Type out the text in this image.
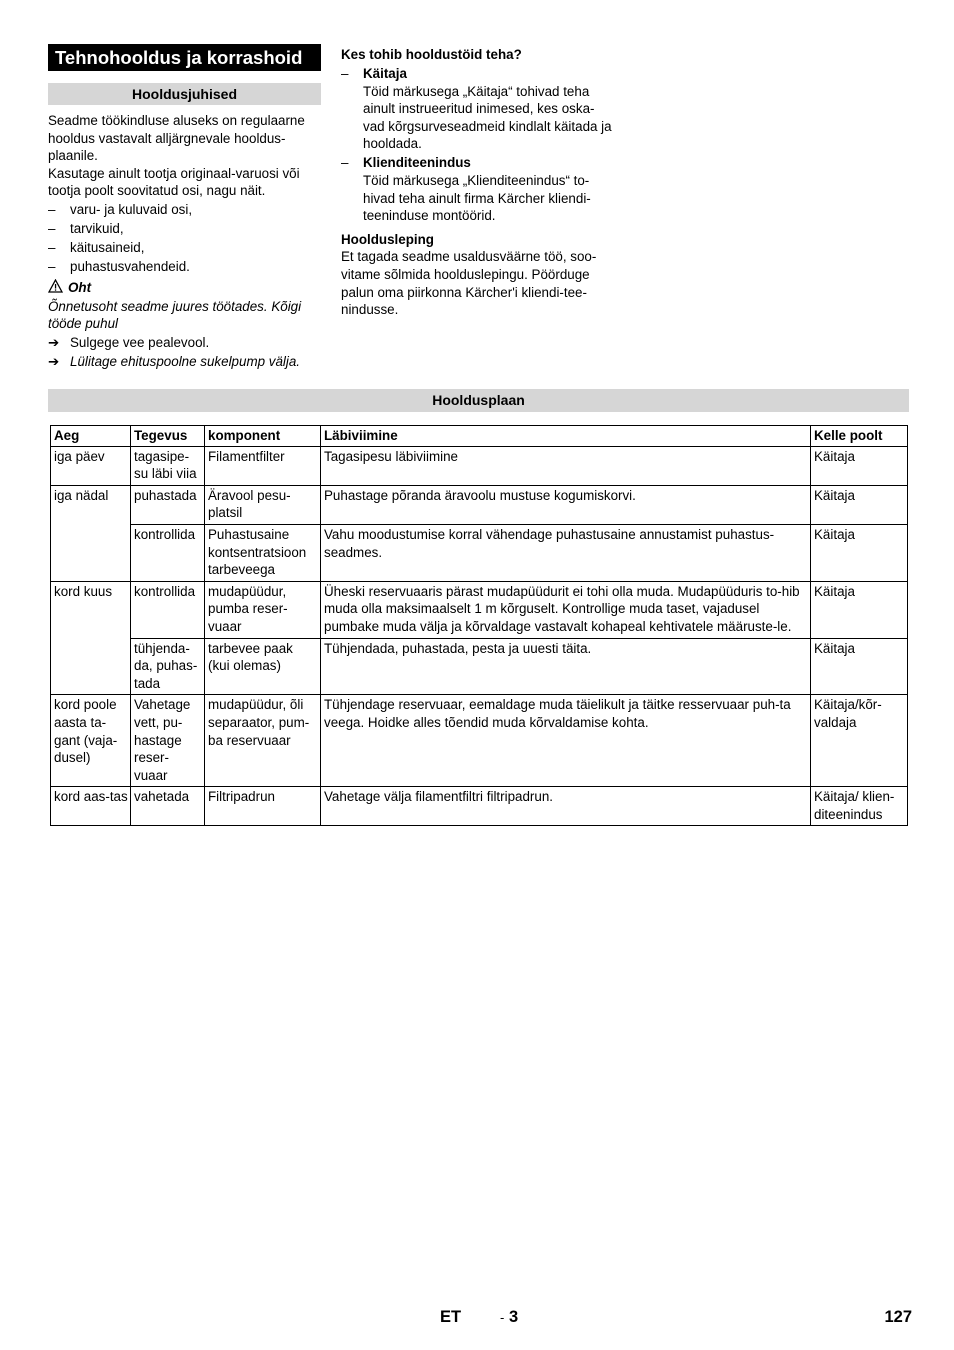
Tehnohooldus ja korrashoid
Hooldusjuhised

Seadme töökindluse aluseks on regulaarne hooldus vastavalt alljärgnevale hooldus-plaanile.

Kasutage ainult tootja originaal-varuosi või tootja poolt soovitatud osi, nagu näit.

–	varu- ja kuluvaid osi,
–	tarvikuid,
–	käitusaineid,
–	puhastusvahendeid.
Oht

Õnnetusoht seadme juures töötades. Kõigi tööde puhul

➔ Sulgege vee pealevool.
➔ Lülitage ehituspoolne sukelpump välja.

Kes tohib hooldustöid teha?

–	Käitaja

Töid märkusega „Käitaja“ tohivad teha ainult instrueeritud inimesed, kes oska-vad kõrgsurveseadmeid kindlalt käitada ja hooldada.

–	Klienditeenindus

Töid märkusega „Klienditeenindus“ to-hivad teha ainult firma Kärcher kliendi-teeninduse montöörid.

Hooldusleping

Et tagada seadme usaldusväärne töö, soo-vitame sõlmida hoolduslepingu. Pöörduge palun oma piirkonna Kärcher'i kliendi-tee-nindusse.

Hooldusplaan
Aeg	Tegevus	komponent	Läbiviimine	Kelle poolt
iga päev	tagasipe-su läbi viia	Filamentfilter	Tagasipesu läbiviimine	Käitaja
iga nädal	puhastada	Äravool pesu-platsil	Puhastage põranda äravoolu mustuse kogumiskorvi.	Käitaja
	kontrollida	Puhastusaine kontsentratsioon tarbeveega	Vahu moodustumise korral vähendage puhastusaine annustamist puhastus-seadmes.	Käitaja
kord kuus	kontrollida	mudapüüdur, pumba reser-vuaar	Üheski reservuaaris pärast mudapüüdurit ei tohi olla muda. Mudapüüduris to-hib muda olla maksimaalselt 1 m kõrguselt. Kontrollige muda taset, vajadusel pumbake muda välja ja kõrvaldage vastavalt kohapeal kehtivatele määruste-le.	Käitaja
	tühjenda-da, puhas-tada	tarbevee paak (kui olemas)	Tühjendada, puhastada, pesta ja uuesti täita.	Käitaja
kord poole aasta ta-gant (vaja-dusel)	Vahetage vett, pu-hastage reser-vuaar	mudapüüdur, õli separaator, pum-ba reservuaar	Tühjendage reservuaar, eemaldage muda täielikult ja täitke resservuaar puh-ta veega. Hoidke alles tõendid muda kõrvaldamise kohta.	Käitaja/kõr-valdaja
kord aas-tas	vahetada	Filtripadrun	Vahetage välja filamentfiltri filtripadrun.	Käitaja/ klien-diteenindus
ET	- 3	127
